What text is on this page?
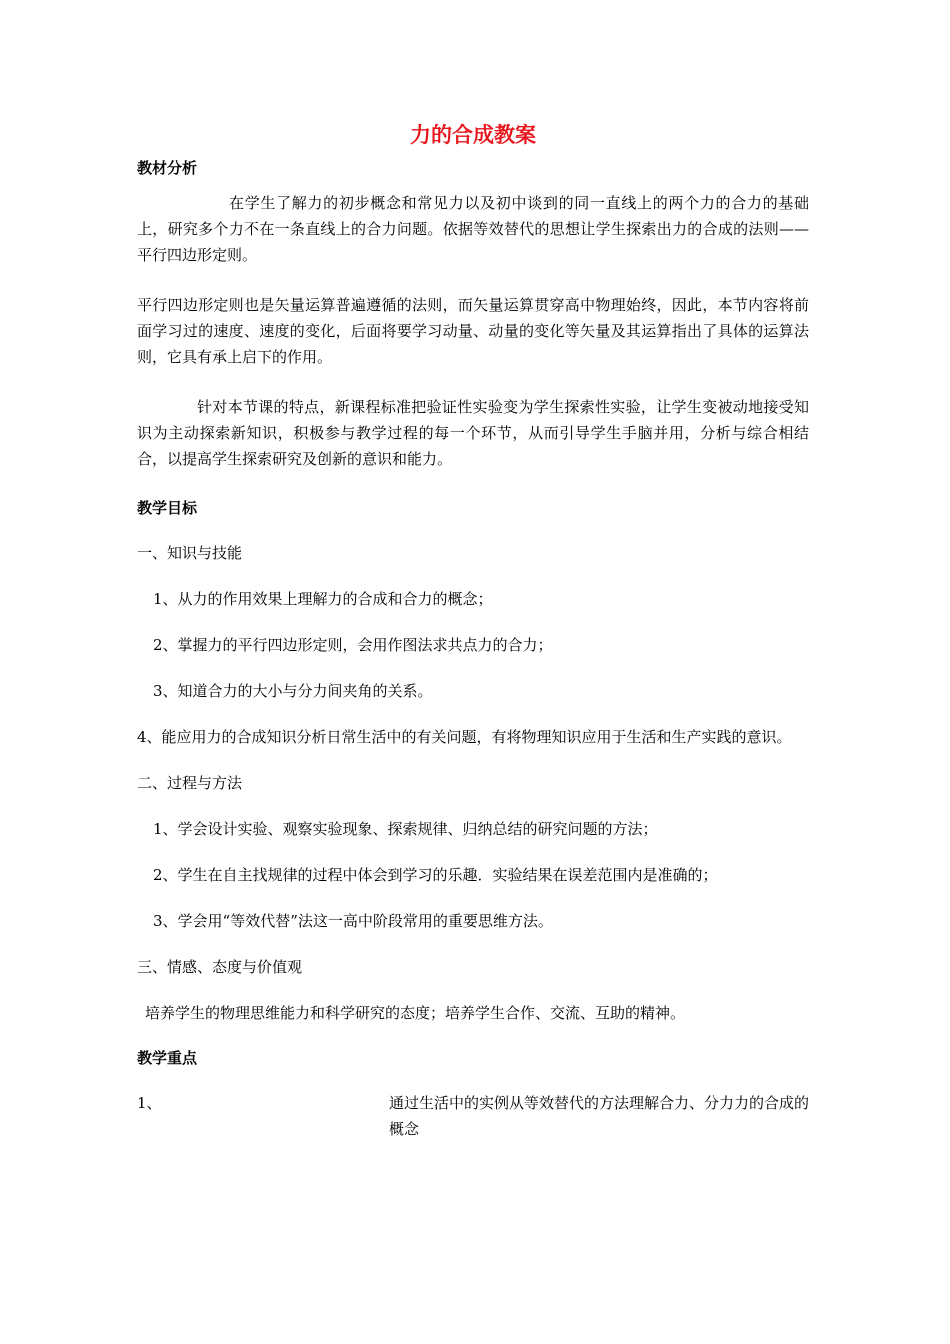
力的合成教案
教材分析

在学生了解力的初步概念和常见力以及初中谈到的同一直线上的两个力的合力的基础上，研究多个力不在一条直线上的合力问题。依据等效替代的思想让学生探索出力的合成的法则——平行四边形定则。

平行四边形定则也是矢量运算普遍遵循的法则，而矢量运算贯穿高中物理始终，因此，本节内容将前面学习过的速度、速度的变化，后面将要学习动量、动量的变化等矢量及其运算指出了具体的运算法则，它具有承上启下的作用。

针对本节课的特点，新课程标准把验证性实验变为学生探索性实验，让学生变被动地接受知识为主动探索新知识，积极参与教学过程的每一个环节，从而引导学生手脑并用，分析与综合相结合，以提高学生探索研究及创新的意识和能力。

教学目标

一、知识与技能

1、从力的作用效果上理解力的合成和合力的概念；

2、掌握力的平行四边形定则，会用作图法求共点力的合力；

3、知道合力的大小与分力间夹角的关系。

4、能应用力的合成知识分析日常生活中的有关问题，有将物理知识应用于生活和生产实践的意识。

二、过程与方法

1、学会设计实验、观察实验现象、探索规律、归纳总结的研究问题的方法；

2、学生在自主找规律的过程中体会到学习的乐趣．实验结果在误差范围内是准确的；

3、学会用“等效代替”法这一高中阶段常用的重要思维方法。

三、情感、态度与价值观

培养学生的物理思维能力和科学研究的态度；培养学生合作、交流、互助的精神。

教学重点
1、	通过生活中的实例从等效替代的方法理解合力、分力力的合成的概念
